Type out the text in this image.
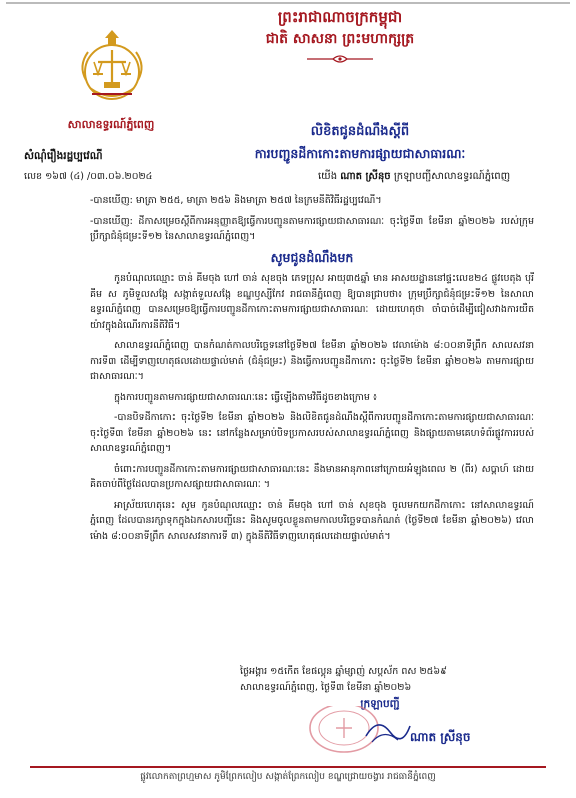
ព្រះរាជាណាចក្រកម្ពុជា
ជាតិ សាសនា ព្រះមហាក្សត្រ
សាលាឧទ្ធរណ៍ភ្នំពេញ
សំណុំរឿងរដ្ឋប្បវេណី
លេខ ១៦៧ (៤) /០៣.០៦.២០២៤
លិខិតជូនដំណឹងស្តីពី
ការបញ្ជូនដីកាកោះតាមការផ្សាយជាសាធារណៈ
យើង ណាត ស្រីនុច ក្រឡាបញ្ជីសាលាឧទ្ធរណ៍ភ្នំពេញ

-បានឃើញ: មាត្រា ២៥៥, មាត្រា ២៥៦ និងមាត្រា ២៥៧ នៃក្រមនីតិវិធីរដ្ឋប្បវេណី។

-បានឃើញ: ដីកាសម្រេចស្តីពីការអនុញ្ញាតឱ្យធ្វើការបញ្ជូនតាមការផ្សាយជាសាធារណៈ ចុះថ្ងៃទី៣ ខែមីនា ឆ្នាំ២០២៦ របស់ក្រុមប្រឹក្សាជំនុំជម្រះទី១២ នៃសាលាឧទ្ធរណ៍ភ្នំពេញ។

សូមជូនដំណឹងមក

កូនបំណុលឈ្មោះ ចាន់ គីមចុង ហៅ ចាន់ សុខចុង ភេទប្រុស អាយុ៣៥ឆ្នាំ មាន អាសយដ្ឋាននៅផ្ទះលេខ២៤ ផ្លូវបេតុង បុរី គីម ស ភូមិទួលសង្កែ សង្កាត់ទួលសង្កែ ខណ្ឌឫស្សីកែវ រាជធានីភ្នំពេញ ឱ្យបានជ្រាបថា៖ ក្រុមប្រឹក្សាជំនុំជម្រះទី១២ នៃសាលាឧទ្ធរណ៍ភ្នំពេញ បានសម្រេចឱ្យធ្វើការបញ្ជូនដីកាកោះតាមការផ្សាយជាសាធារណៈ ដោយហេតុថា ចាំបាច់ដើម្បីជៀសវាងការយឺតយ៉ាវក្នុងដំណើរការនីតិវិធី។

សាលាឧទ្ធរណ៍ភ្នំពេញ បានកំណត់កាលបរិច្ឆេទនៅថ្ងៃទី២៧ ខែមីនា ឆ្នាំ២០២៦ វេលាម៉ោង ៨:០០នាទីព្រឹក សាលសវនាការទី៣ ដើម្បីទាញហេតុផលដោយផ្ទាល់មាត់ (ជំនុំជម្រះ) និងធ្វើការបញ្ជូនដីកាកោះ ចុះថ្ងៃទី២ ខែមីនា ឆ្នាំ២០២៦ តាមការផ្សាយជាសាធារណៈ។

ក្នុងការបញ្ជូនតាមការផ្សាយជាសាធារណៈនេះ ធ្វើឡើងតាមវិធីដូចខាងក្រោម ៖

-បានបិទដីកាកោះ ចុះថ្ងៃទី២ ខែមីនា ឆ្នាំ២០២៦ និងលិខិតជូនដំណឹងស្តីពីការបញ្ជូនដីកាកោះតាមការផ្សាយជាសាធារណៈ ចុះថ្ងៃទី៣ ខែមីនា ឆ្នាំ២០២៦ នេះ នៅកន្លែងសម្រាប់បិទប្រកាសរបស់សាលាឧទ្ធរណ៍ភ្នំពេញ និងផ្សាយតាមគេហទំព័រផ្លូវការរបស់សាលាឧទ្ធរណ៍ភ្នំពេញ។

ចំពោះការបញ្ជូនដីកាកោះតាមការផ្សាយជាសាធារណៈនេះ នឹងមានអានុភាពនៅក្រោយអំឡុងពេល ២ (ពីរ) សប្តាហ៍ ដោយគិតចាប់ពីថ្ងៃដែលបានប្រកាសផ្សាយជាសាធារណៈ ។

អាស្រ័យហេតុនេះ សូម កូនបំណុលឈ្មោះ ចាន់ គីមចុង ហៅ ចាន់ សុខចុង ចូលមកយកដីកាកោះ នៅសាលាឧទ្ធរណ៍ភ្នំពេញ ដែលបានរក្សាទុកក្នុងឯកសារបញ្ជីនេះ និងសូមចូលខ្លួនតាមកាលបរិច្ឆេទបានកំណត់ (ថ្ងៃទី២៧ ខែមីនា ឆ្នាំ២០២៦) វេលាម៉ោង ៨:០០នាទីព្រឹក សាលសវនាការទី ៣) ក្នុងនីតិវិធីទាញហេតុផលដោយផ្ទាល់មាត់។

ថ្ងៃអង្គារ ១៥កើត ខែផល្គុន ឆ្នាំម្សាញ់ សប្តស័ក ពស ២៥៦៩
សាលាឧទ្ធរណ៍ភ្នំពេញ, ថ្ងៃទី៣ ខែមីនា ឆ្នាំ២០២៦
ក្រឡាបញ្ជី
ណាត ស្រីនុច
ផ្លូវលោកតាព្រហ្មមាស ភូមិព្រែកលៀប សង្កាត់ព្រែកលៀប ខណ្ឌជ្រោយចង្វារ រាជធានីភ្នំពេញ
